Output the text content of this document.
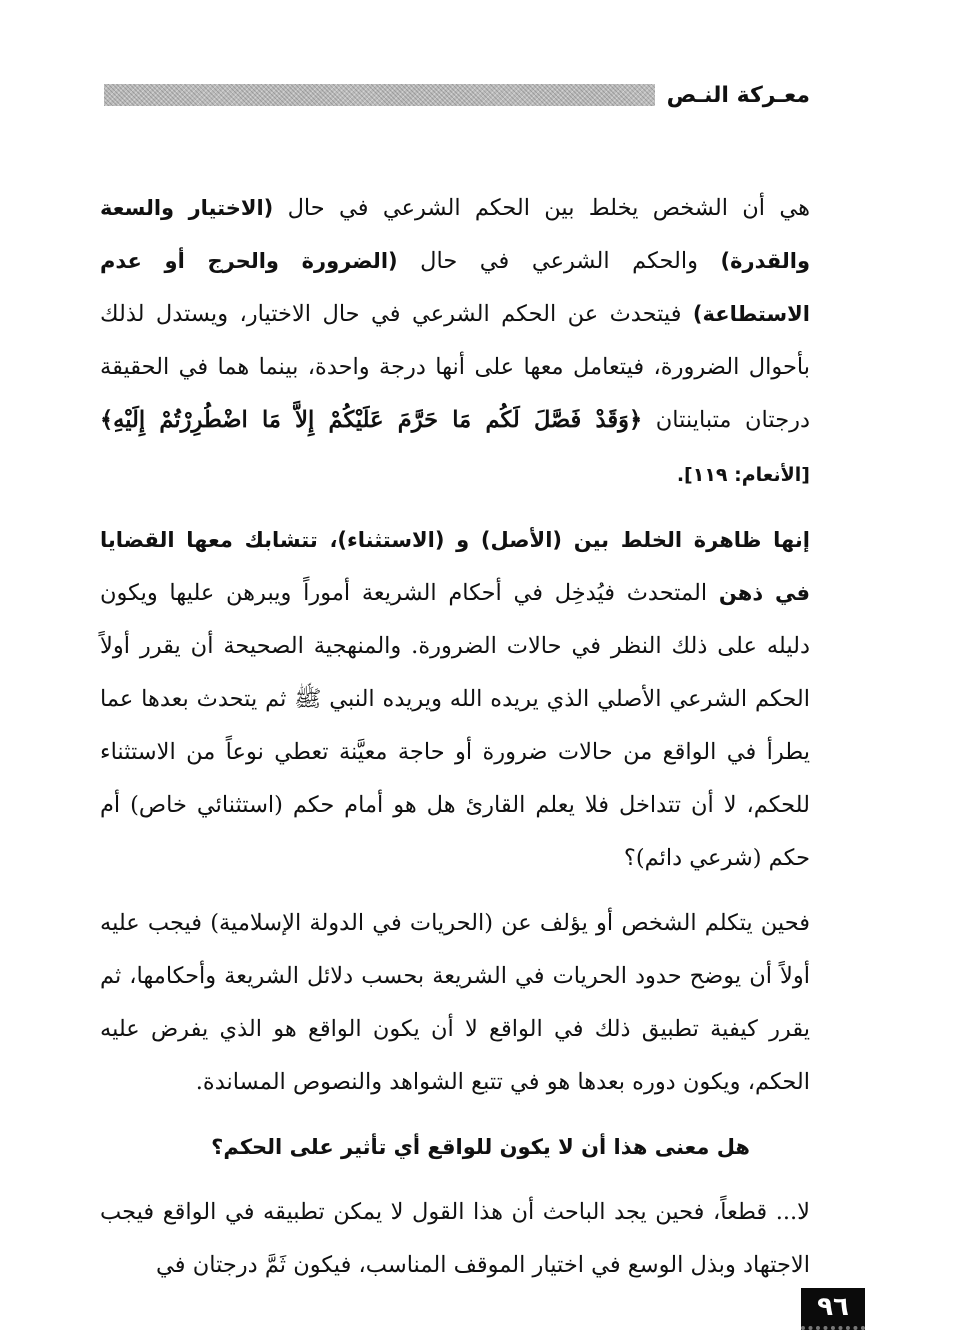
معـركة النـص

هي أن الشخص يخلط بين الحكم الشرعي في حال (الاختيار والسعة والقدرة) والحكم الشرعي في حال (الضرورة والحرج أو عدم الاستطاعة) فيتحدث عن الحكم الشرعي في حال الاختيار، ويستدل لذلك بأحوال الضرورة، فيتعامل معها على أنها درجة واحدة، بينما هما في الحقيقة درجتان متباينتان ﴿وَقَدْ فَصَّلَ لَكُم مَا حَرَّمَ عَلَيْكُمْ إِلاَّ مَا اضْطُرِرْتُمْ إِلَيْهِ﴾ [الأنعام: ١١٩].

إنها ظاهرة الخلط بين (الأصل) و (الاستثناء)، تتشابك معها القضايا في ذهن المتحدث فيُدخِل في أحكام الشريعة أموراً ويبرهن عليها ويكون دليله على ذلك النظر في حالات الضرورة. والمنهجية الصحيحة أن يقرر أولاً الحكم الشرعي الأصلي الذي يريده الله ويريده النبي ﷺ ثم يتحدث بعدها عما يطرأ في الواقع من حالات ضرورة أو حاجة معيَّنة تعطي نوعاً من الاستثناء للحكم، لا أن تتداخل فلا يعلم القارئ هل هو أمام حكم (استثنائي خاص) أم حكم (شرعي دائم)؟

فحين يتكلم الشخص أو يؤلف عن (الحريات في الدولة الإسلامية) فيجب عليه أولاً أن يوضح حدود الحريات في الشريعة بحسب دلائل الشريعة وأحكامها، ثم يقرر كيفية تطبيق ذلك في الواقع لا أن يكون الواقع هو الذي يفرض عليه الحكم، ويكون دوره بعدها هو في تتبع الشواهد والنصوص المساندة.

هل معنى هذا أن لا يكون للواقع أي تأثير على الحكم؟

لا... قطعاً، فحين يجد الباحث أن هذا القول لا يمكن تطبيقه في الواقع فيجب الاجتهاد وبذل الوسع في اختيار الموقف المناسب، فيكون ثَمَّ درجتان في

٩٦
